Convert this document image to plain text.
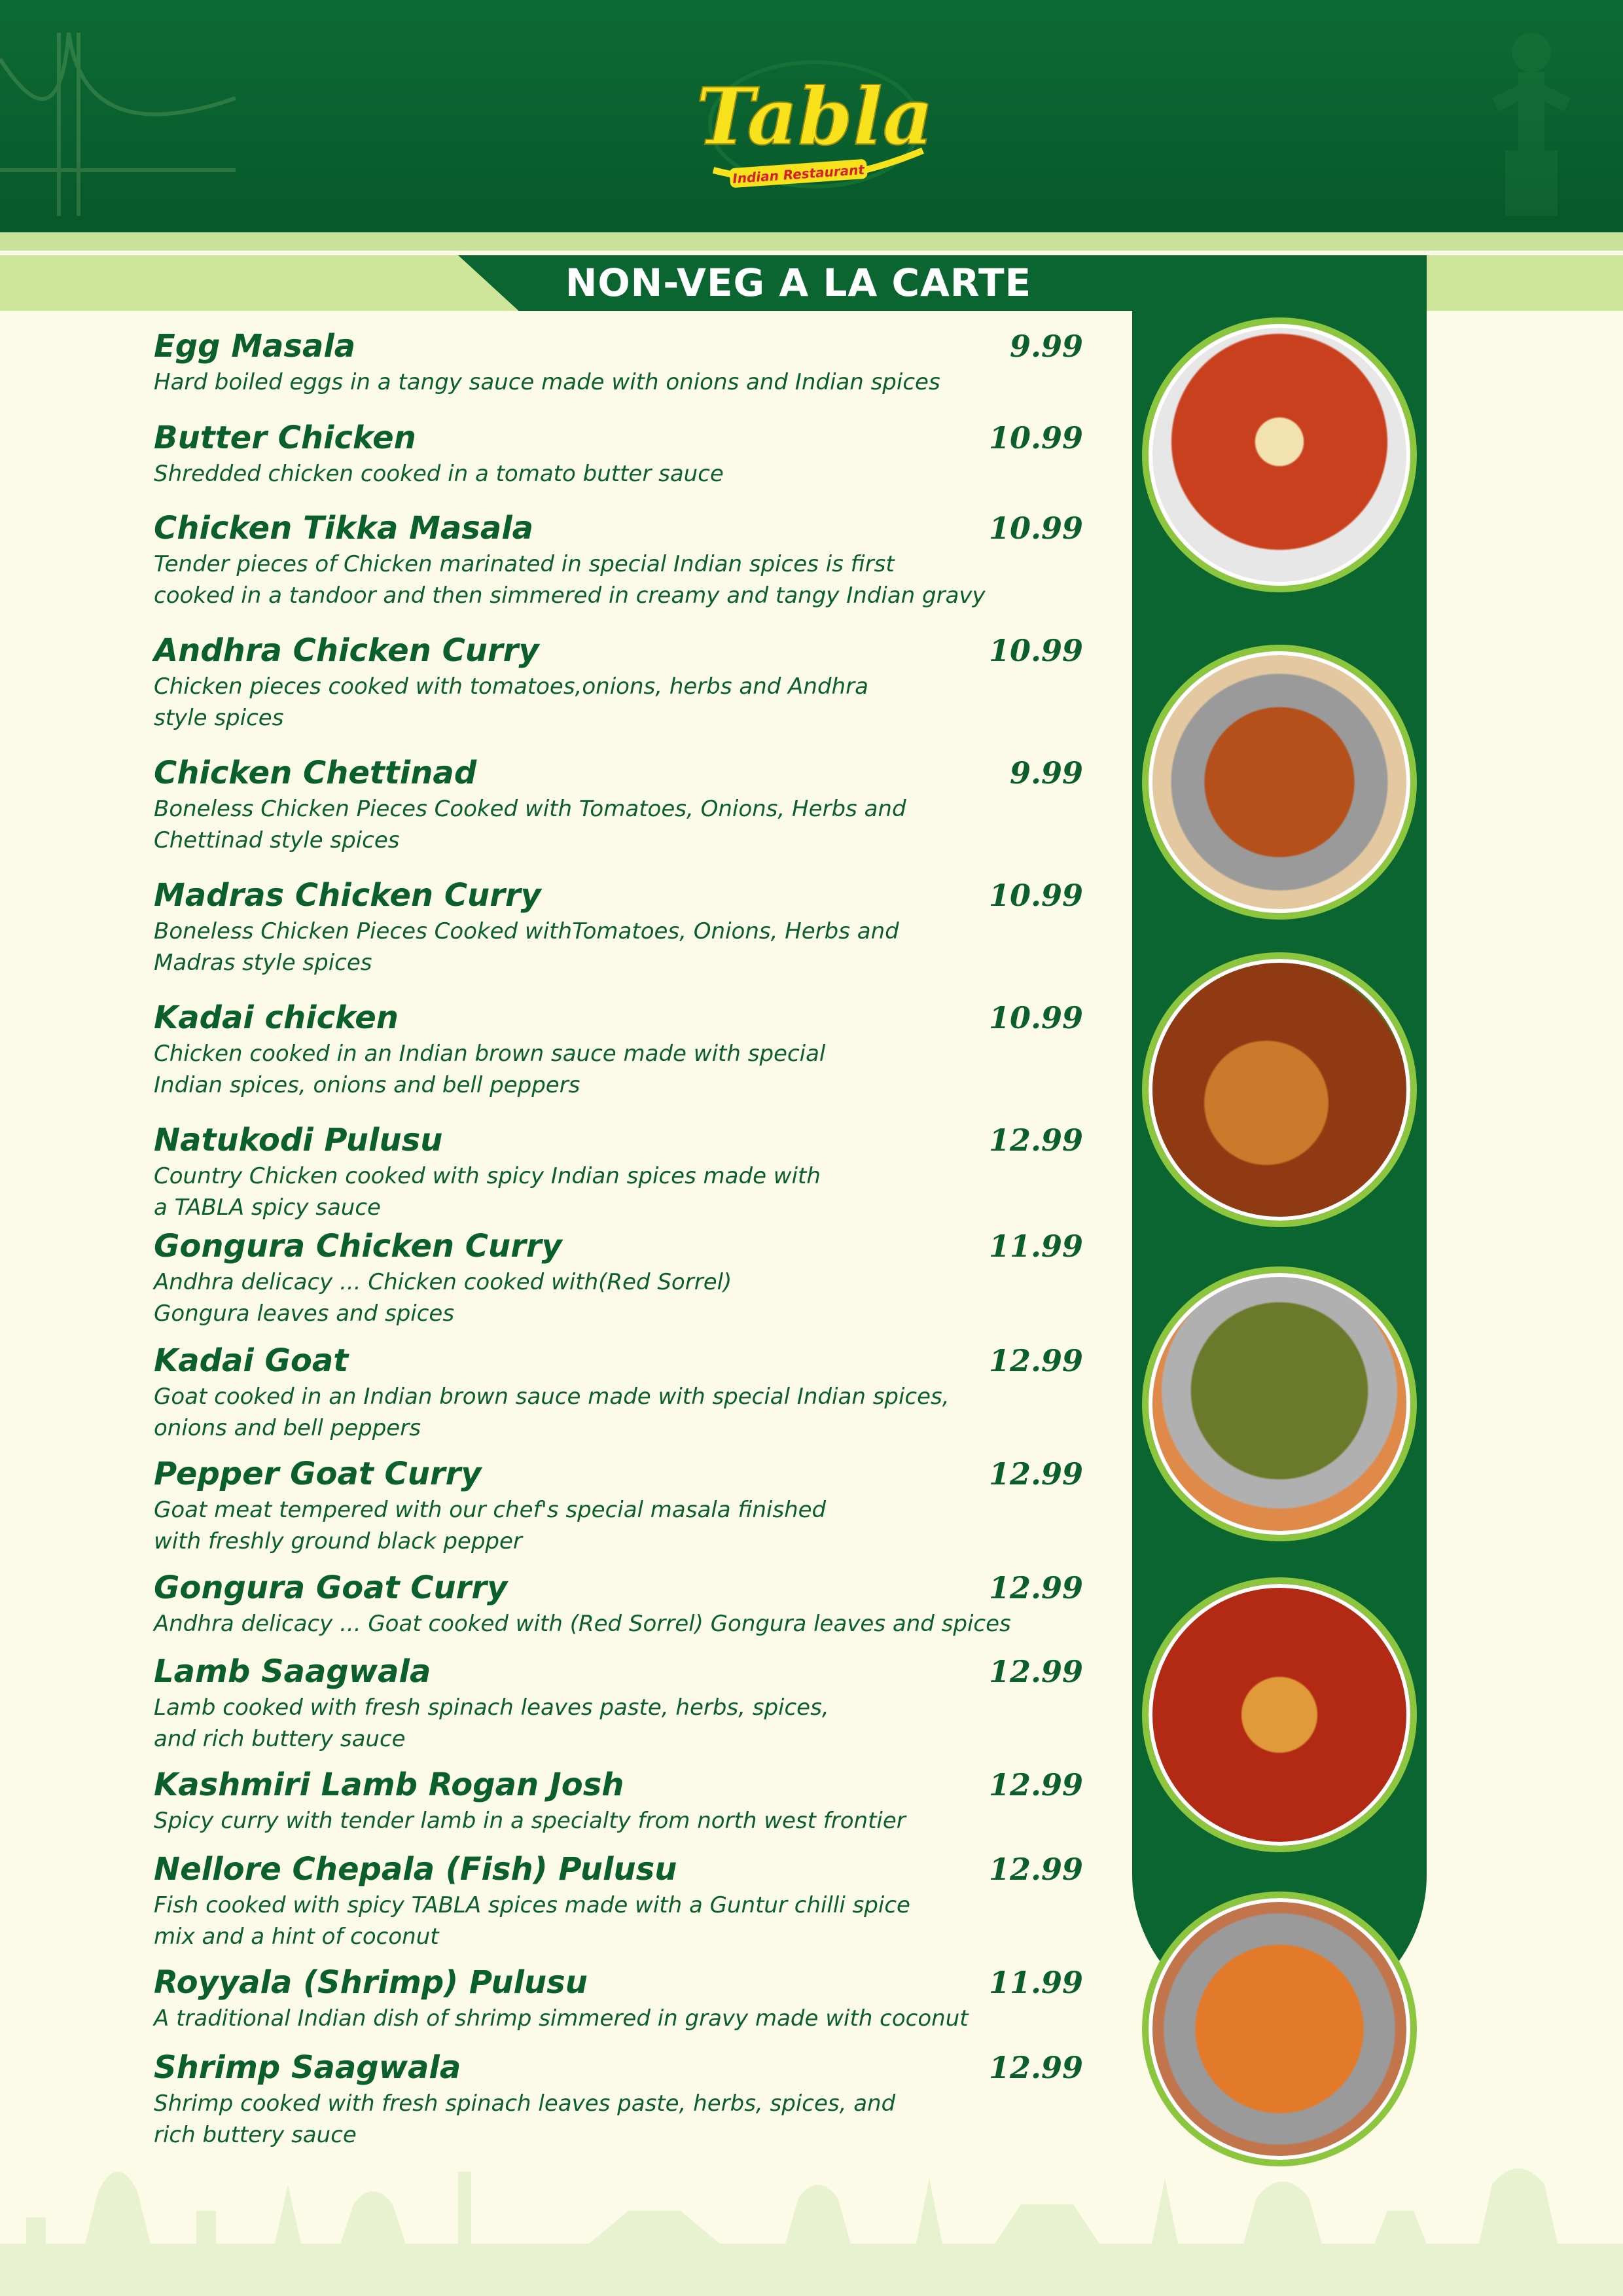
Tabla
Indian Restaurant
NON-VEG A LA CARTE
Egg Masala	9.99
Hard boiled eggs in a tangy sauce made with onions and Indian spices
Butter Chicken	10.99
Shredded chicken cooked in a tomato butter sauce
Chicken Tikka Masala	10.99
Tender pieces of Chicken marinated in special Indian spices is first
cooked in a tandoor and then simmered in creamy and tangy Indian gravy
Andhra Chicken Curry	10.99
Chicken pieces cooked with tomatoes,onions, herbs and Andhra
style spices
Chicken Chettinad	9.99
Boneless Chicken Pieces Cooked with Tomatoes, Onions, Herbs and
Chettinad style spices
Madras Chicken Curry	10.99
Boneless Chicken Pieces Cooked withTomatoes, Onions, Herbs and
Madras style spices
Kadai chicken	10.99
Chicken cooked in an Indian brown sauce made with special
Indian spices, onions and bell peppers
Natukodi Pulusu	12.99
Country Chicken cooked with spicy Indian spices made with
a TABLA spicy sauce
Gongura Chicken Curry	11.99
Andhra delicacy ... Chicken cooked with(Red Sorrel)
Gongura leaves and spices
Kadai Goat	12.99
Goat cooked in an Indian brown sauce made with special Indian spices,
onions and bell peppers
Pepper Goat Curry	12.99
Goat meat tempered with our chef's special masala finished
with freshly ground black pepper
Gongura Goat Curry	12.99
Andhra delicacy ... Goat cooked with (Red Sorrel) Gongura leaves and spices
Lamb Saagwala	12.99
Lamb cooked with fresh spinach leaves paste, herbs, spices,
and rich buttery sauce
Kashmiri Lamb Rogan Josh	12.99
Spicy curry with tender lamb in a specialty from north west frontier
Nellore Chepala (Fish) Pulusu	12.99
Fish cooked with spicy TABLA spices made with a Guntur chilli spice
mix and a hint of coconut
Royyala (Shrimp) Pulusu	11.99
A traditional Indian dish of shrimp simmered in gravy made with coconut
Shrimp Saagwala	12.99
Shrimp cooked with fresh spinach leaves paste, herbs, spices, and
rich buttery sauce
